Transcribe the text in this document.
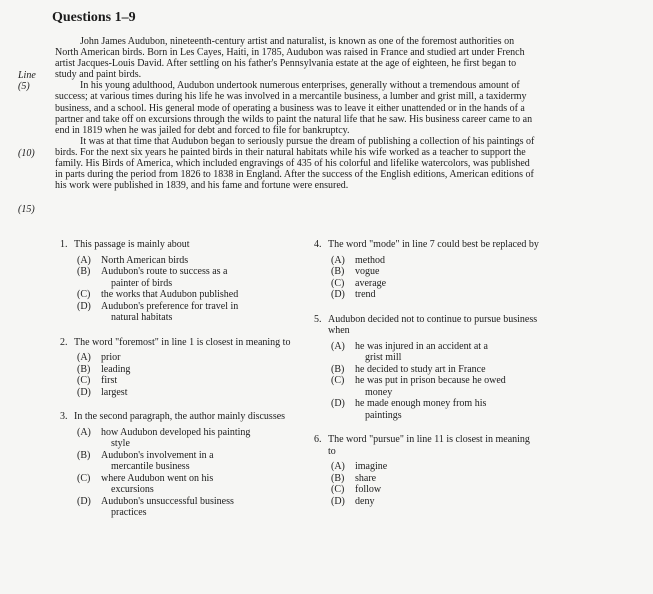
Questions 1–9
Line
(5)
(10)
(15)

John James Audubon, nineteenth-century artist and naturalist, is known as one of the foremost authorities on North American birds. Born in Les Cayes, Haiti, in 1785, Audubon was raised in France and studied art under French artist Jacques-Louis David. After settling on his father's Pennsylvania estate at the age of eighteen, he first began to study and paint birds.

In his young adulthood, Audubon undertook numerous enterprises, generally without a tremendous amount of success; at various times during his life he was involved in a mercantile business, a lumber and grist mill, a taxidermy business, and a school. His general mode of operating a business was to leave it either unattended or in the hands of a partner and take off on excursions through the wilds to paint the natural life that he saw. His business career came to an end in 1819 when he was jailed for debt and forced to file for bankruptcy.

It was at that time that Audubon began to seriously pursue the dream of publishing a collection of his paintings of birds. For the next six years he painted birds in their natural habitats while his wife worked as a teacher to support the family. His Birds of America, which included engravings of 435 of his colorful and lifelike watercolors, was published in parts during the period from 1826 to 1838 in England. After the success of the English editions, American editions of his work were published in 1839, and his fame and fortune were ensured.

1. This passage is mainly about
(A)	North American birds
(B)	Audubon's route to success as a
painter of birds
(C)	the works that Audubon published
(D)	Audubon's preference for travel in
natural habitats
2. The word "foremost" in line 1 is closest in meaning to
(A)	prior
(B)	leading
(C)	first
(D)	largest
3. In the second paragraph, the author mainly discusses
(A)	how Audubon developed his painting
style
(B)	Audubon's involvement in a
mercantile business
(C)	where Audubon went on his
excursions
(D)	Audubon's unsuccessful business
practices
4. The word "mode" in line 7 could best be replaced by
(A)	method
(B)	vogue
(C)	average
(D)	trend
5. Audubon decided not to continue to pursue business when
(A)	he was injured in an accident at a
grist mill
(B)	he decided to study art in France
(C)	he was put in prison because he owed
money
(D)	he made enough money from his
paintings
6. The word "pursue" in line 11 is closest in meaning to
(A)	imagine
(B)	share
(C)	follow
(D)	deny
